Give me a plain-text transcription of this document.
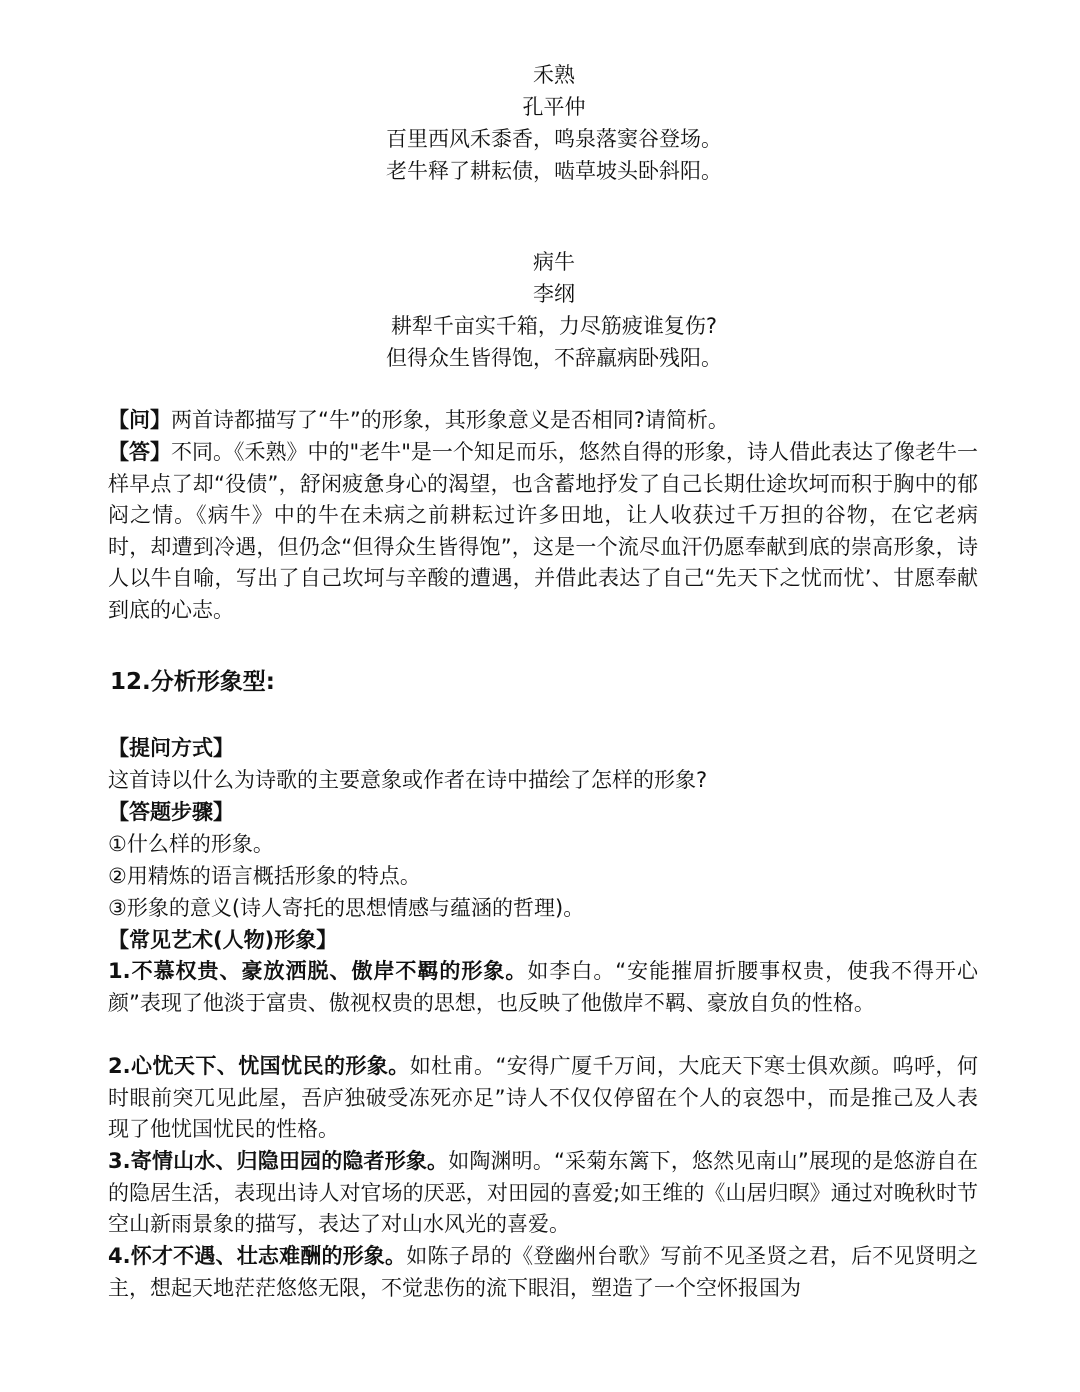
禾熟
孔平仲
百里西风禾黍香，鸣泉落窦谷登场。
老牛释了耕耘债，啮草坡头卧斜阳。
病牛
李纲
耕犁千亩实千箱，力尽筋疲谁复伤?
但得众生皆得饱，不辞羸病卧残阳。
【问】两首诗都描写了“牛”的形象，其形象意义是否相同?请简析。
【答】不同。《禾熟》中的"老牛"是一个知足而乐，悠然自得的形象，诗人借此表达了像老牛一样早点了却“役债”，舒闲疲惫身心的渴望，也含蓄地抒发了自己长期仕途坎坷而积于胸中的郁闷之情。《病牛》中的牛在未病之前耕耘过许多田地，让人收获过千万担的谷物，在它老病时，却遭到冷遇，但仍念“但得众生皆得饱”，这是一个流尽血汗仍愿奉献到底的崇高形象，诗人以牛自喻，写出了自己坎坷与辛酸的遭遇，并借此表达了自己“先天下之忧而忧’、甘愿奉献到底的心志。
12.分析形象型:
【提问方式】
这首诗以什么为诗歌的主要意象或作者在诗中描绘了怎样的形象?
【答题步骤】
①什么样的形象。
②用精炼的语言概括形象的特点。
③形象的意义(诗人寄托的思想情感与蕴涵的哲理)。
【常见艺术(人物)形象】
1.不慕权贵、豪放洒脱、傲岸不羁的形象。如李白。“安能摧眉折腰事权贵，使我不得开心颜”表现了他淡于富贵、傲视权贵的思想，也反映了他傲岸不羁、豪放自负的性格。
2.心忧天下、忧国忧民的形象。如杜甫。“安得广厦千万间，大庇天下寒士俱欢颜。呜呼，何时眼前突兀见此屋，吾庐独破受冻死亦足”诗人不仅仅停留在个人的哀怨中，而是推己及人表现了他忧国忧民的性格。
3.寄情山水、归隐田园的隐者形象。如陶渊明。“采菊东篱下，悠然见南山”展现的是悠游自在的隐居生活，表现出诗人对官场的厌恶，对田园的喜爱;如王维的《山居归暝》通过对晚秋时节空山新雨景象的描写，表达了对山水风光的喜爱。
4.怀才不遇、壮志难酬的形象。如陈子昂的《登幽州台歌》写前不见圣贤之君，后不见贤明之主，想起天地茫茫悠悠无限，不觉悲伤的流下眼泪，塑造了一个空怀报国为
